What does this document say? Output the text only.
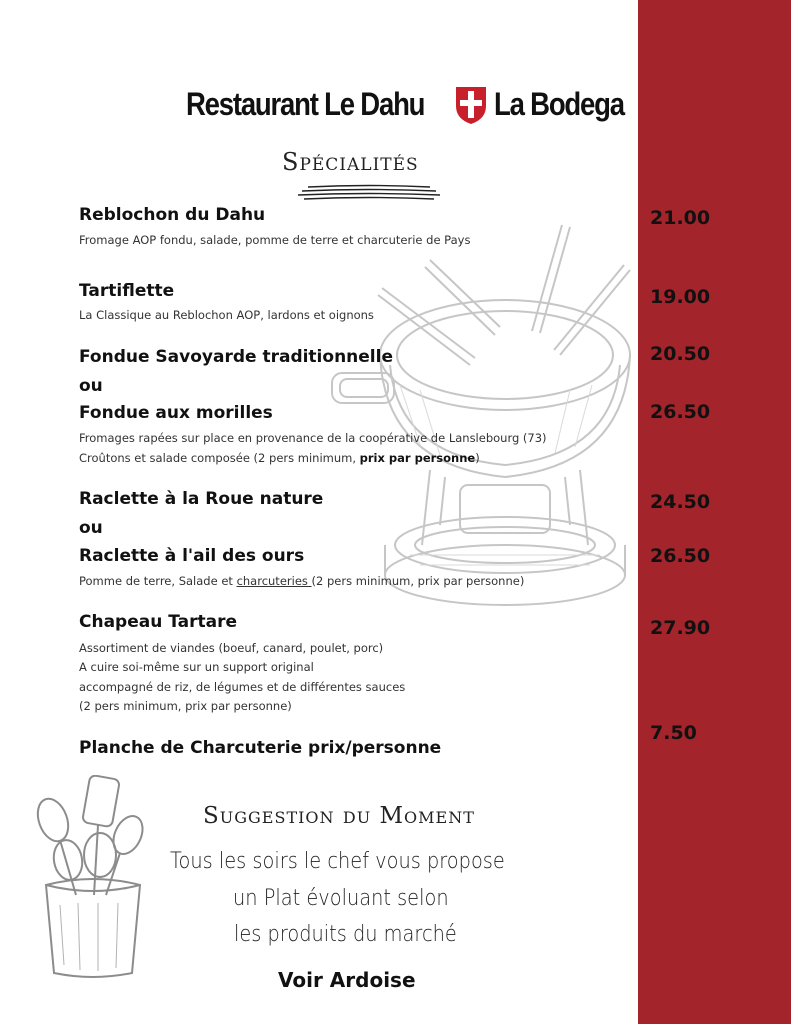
Restaurant Le Dahu La Bodega
Spécialités
Reblochon du Dahu
Fromage AOP fondu, salade, pomme de terre et charcuterie de Pays
21.00
Tartiflette
La Classique au Reblochon AOP, lardons et oignons
19.00
Fondue Savoyarde traditionnelle
ou
Fondue aux morilles
Fromages rapées sur place en provenance de la coopérative de Lanslebourg (73)
Croûtons et salade composée (2 pers minimum, prix par personne)
20.50
26.50
Raclette à la Roue nature
ou
Raclette à l'ail des ours
Pomme de terre, Salade et charcuteries (2 pers minimum, prix par personne)
24.50
26.50
Chapeau Tartare
Assortiment de viandes (boeuf, canard, poulet, porc)
A cuire soi-même sur un support original
accompagné de riz, de légumes et de différentes sauces
(2 pers minimum, prix par personne)
27.90
Planche de Charcuterie prix/personne
7.50
Suggestion du Moment
Tous les soirs le chef vous propose
un Plat évoluant selon
les produits du marché
Voir Ardoise
